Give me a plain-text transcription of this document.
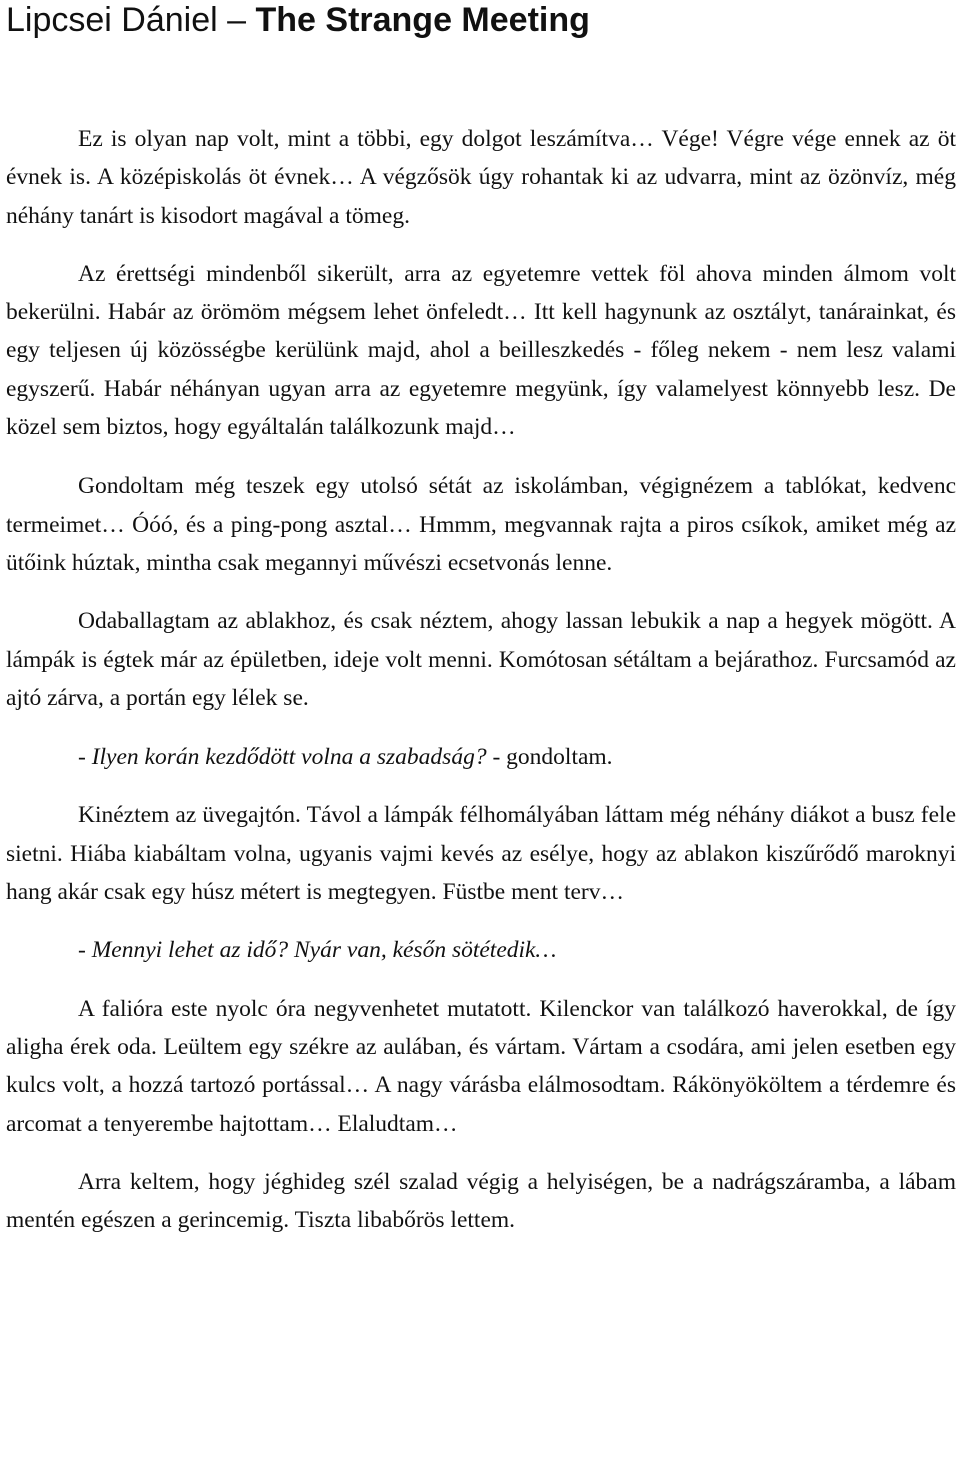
Lipcsei Dániel – The Strange Meeting

Ez is olyan nap volt, mint a többi, egy dolgot leszámítva… Vége! Végre vége ennek az öt évnek is. A középiskolás öt évnek… A végzősök úgy rohantak ki az udvarra, mint az özönvíz, még néhány tanárt is kisodort magával a tömeg.

Az érettségi mindenből sikerült, arra az egyetemre vettek föl ahova minden álmom volt bekerülni. Habár az örömöm mégsem lehet önfeledt… Itt kell hagynunk az osztályt, tanárainkat, és egy teljesen új közösségbe kerülünk majd, ahol a beilleszkedés - főleg nekem - nem lesz valami egyszerű. Habár néhányan ugyan arra az egyetemre megyünk, így valamelyest könnyebb lesz. De közel sem biztos, hogy egyáltalán találkozunk majd…

Gondoltam még teszek egy utolsó sétát az iskolámban, végignézem a tablókat, kedvenc termeimet… Óóó, és a ping-pong asztal… Hmmm, megvannak rajta a piros csíkok, amiket még az ütőink húztak, mintha csak megannyi művészi ecsetvonás lenne.

Odaballagtam az ablakhoz, és csak néztem, ahogy lassan lebukik a nap a hegyek mögött. A lámpák is égtek már az épületben, ideje volt menni. Komótosan sétáltam a bejárathoz. Furcsamód az ajtó zárva, a portán egy lélek se.

- Ilyen korán kezdődött volna a szabadság? - gondoltam.

Kinéztem az üvegajtón. Távol a lámpák félhomályában láttam még néhány diákot a busz fele sietni. Hiába kiabáltam volna, ugyanis vajmi kevés az esélye, hogy az ablakon kiszűrődő maroknyi hang akár csak egy húsz métert is megtegyen. Füstbe ment terv…

- Mennyi lehet az idő? Nyár van, későn sötétedik…

A falióra este nyolc óra negyvenhetet mutatott. Kilenckor van találkozó haverokkal, de így aligha érek oda. Leültem egy székre az aulában, és vártam. Vártam a csodára, ami jelen esetben egy kulcs volt, a hozzá tartozó portással… A nagy várásba elálmosodtam. Rákönyököltem a térdemre és arcomat a tenyerembe hajtottam… Elaludtam…

Arra keltem, hogy jéghideg szél szalad végig a helyiségen, be a nadrágszáramba, a lábam mentén egészen a gerincemig. Tiszta libabőrös lettem.
